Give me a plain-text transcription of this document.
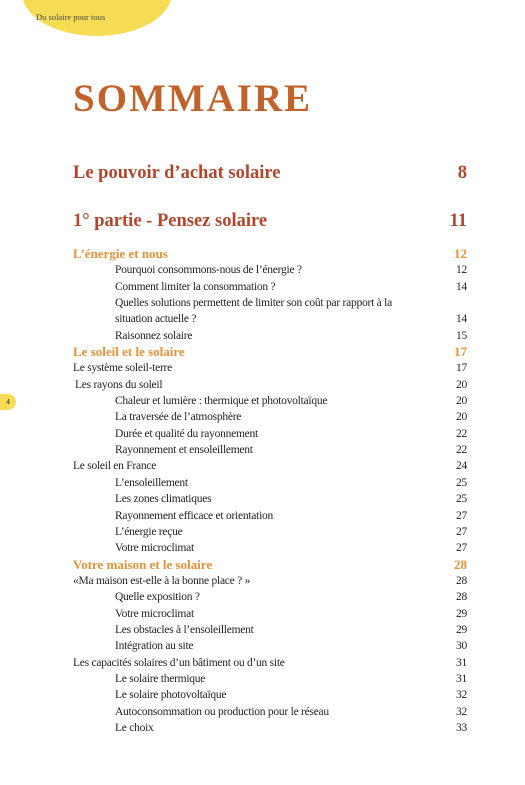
Du solaire pour tous
4
SOMMAIRE
Le pouvoir d’achat solaire	8
1° partie - Pensez solaire	11
L’énergie et nous	12
Pourquoi consommons-nous de l’énergie ?	12
Comment limiter la consommation ?	14
Quelles solutions permettent de limiter son coût par rapport à la situation actuelle ?	14
Raisonnez solaire	15
Le soleil et le solaire	17
Le système soleil-terre	17
Les rayons du soleil	20
Chaleur et lumière : thermique et photovoltaïque	20
La traversée de l’atmosphère	20
Durée et qualité du rayonnement	22
Rayonnement et ensoleillement	22
Le soleil en France	24
L’ensoleillement	25
Les zones climatiques	25
Rayonnement efficace et orientation	27
L’énergie reçue	27
Votre microclimat	27
Votre maison et le solaire	28
«Ma maison est-elle à la bonne place ? »	28
Quelle exposition ?	28
Votre microclimat	29
Les obstacles à l’ensoleillement	29
Intégration au site	30
Les capacités solaires d’un bâtiment ou d’un site	31
Le solaire thermique	31
Le solaire photovoltaïque	32
Autoconsommation ou production pour le réseau	32
Le choix	33
